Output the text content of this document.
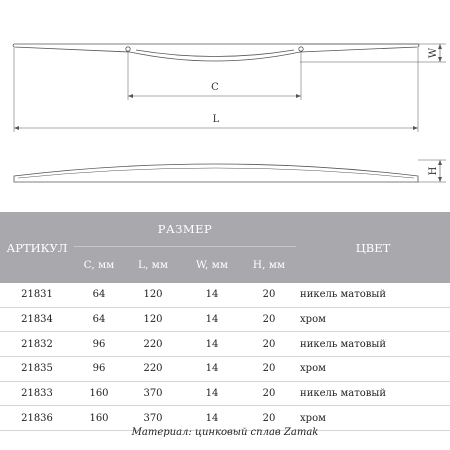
W
C
L
H
АРТИКУЛ	РАЗМЕР				ЦВЕТ
	C, мм	L, мм	W, мм	H, мм	
21831	64	120	14	20	никель матовый
21834	64	120	14	20	хром
21832	96	220	14	20	никель матовый
21835	96	220	14	20	хром
21833	160	370	14	20	никель матовый
21836	160	370	14	20	хром
Материал: цинковый сплав Zamak
